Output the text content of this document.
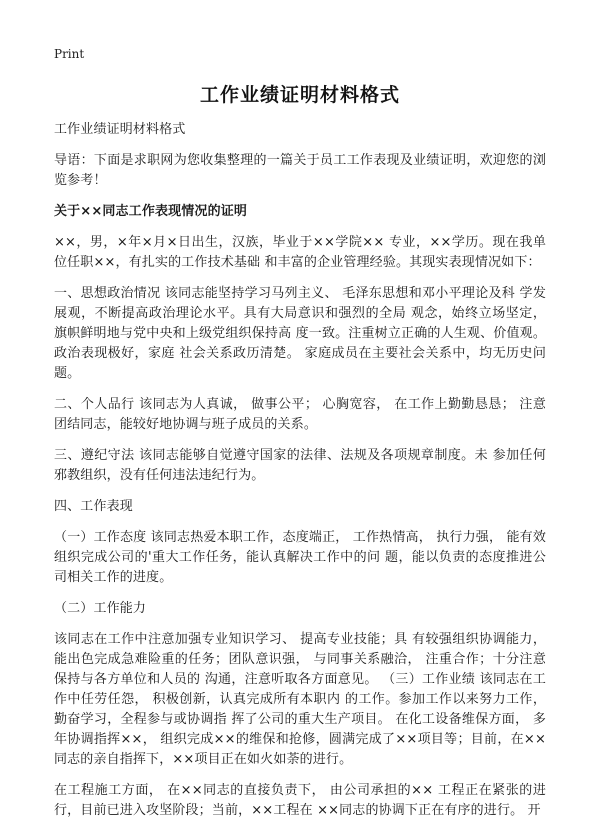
Print
工作业绩证明材料格式

工作业绩证明材料格式

导语：下面是求职网为您收集整理的一篇关于员工工作表现及业绩证明，欢迎您的浏览参考！

关于××同志工作表现情况的证明

××，男，×年×月×日出生，汉族，毕业于××学院×× 专业，××学历。现在我单位任职××，有扎实的工作技术基础 和丰富的企业管理经验。其现实表现情况如下：

一、思想政治情况 该同志能坚持学习马列主义、 毛泽东思想和邓小平理论及科 学发展观，不断提高政治理论水平。具有大局意识和强烈的全局 观念，始终立场坚定， 旗帜鲜明地与党中央和上级党组织保持高 度一致。注重树立正确的人生观、价值观。政治表现极好，家庭 社会关系政历清楚。 家庭成员在主要社会关系中，均无历史问题。

二、个人品行 该同志为人真诚， 做事公平； 心胸宽容， 在工作上勤勤恳恳； 注意团结同志，能较好地协调与班子成员的关系。

三、遵纪守法 该同志能够自觉遵守国家的法律、法规及各项规章制度。未 参加任何邪教组织，没有任何违法违纪行为。

四、工作表现

（一）工作态度 该同志热爱本职工作，态度端正， 工作热情高， 执行力强， 能有效组织完成公司的'重大工作任务，能认真解决工作中的问 题，能以负责的态度推进公司相关工作的进度。

（二）工作能力

该同志在工作中注意加强专业知识学习、 提高专业技能；具 有较强组织协调能力，能出色完成急难险重的任务；团队意识强， 与同事关系融洽， 注重合作；十分注意保持与各方单位和人员的 沟通，注意听取各方面意见。 （三）工作业绩 该同志在工作中任劳任怨， 积极创新，认真完成所有本职内 的工作。参加工作以来努力工作，勤奋学习，全程参与或协调指 挥了公司的重大生产项目。 在化工设备维保方面， 多年协调指挥××， 组织完成××的维保和抢修，圆满完成了××项目等；目前，在××同志的亲自指挥下，××项目正在如火如荼的进行。

在工程施工方面， 在××同志的直接负责下， 由公司承担的×× 工程正在紧张的进行，目前已进入攻坚阶段；当前，××工程在 ××同志的协调下正在有序的进行。 开
